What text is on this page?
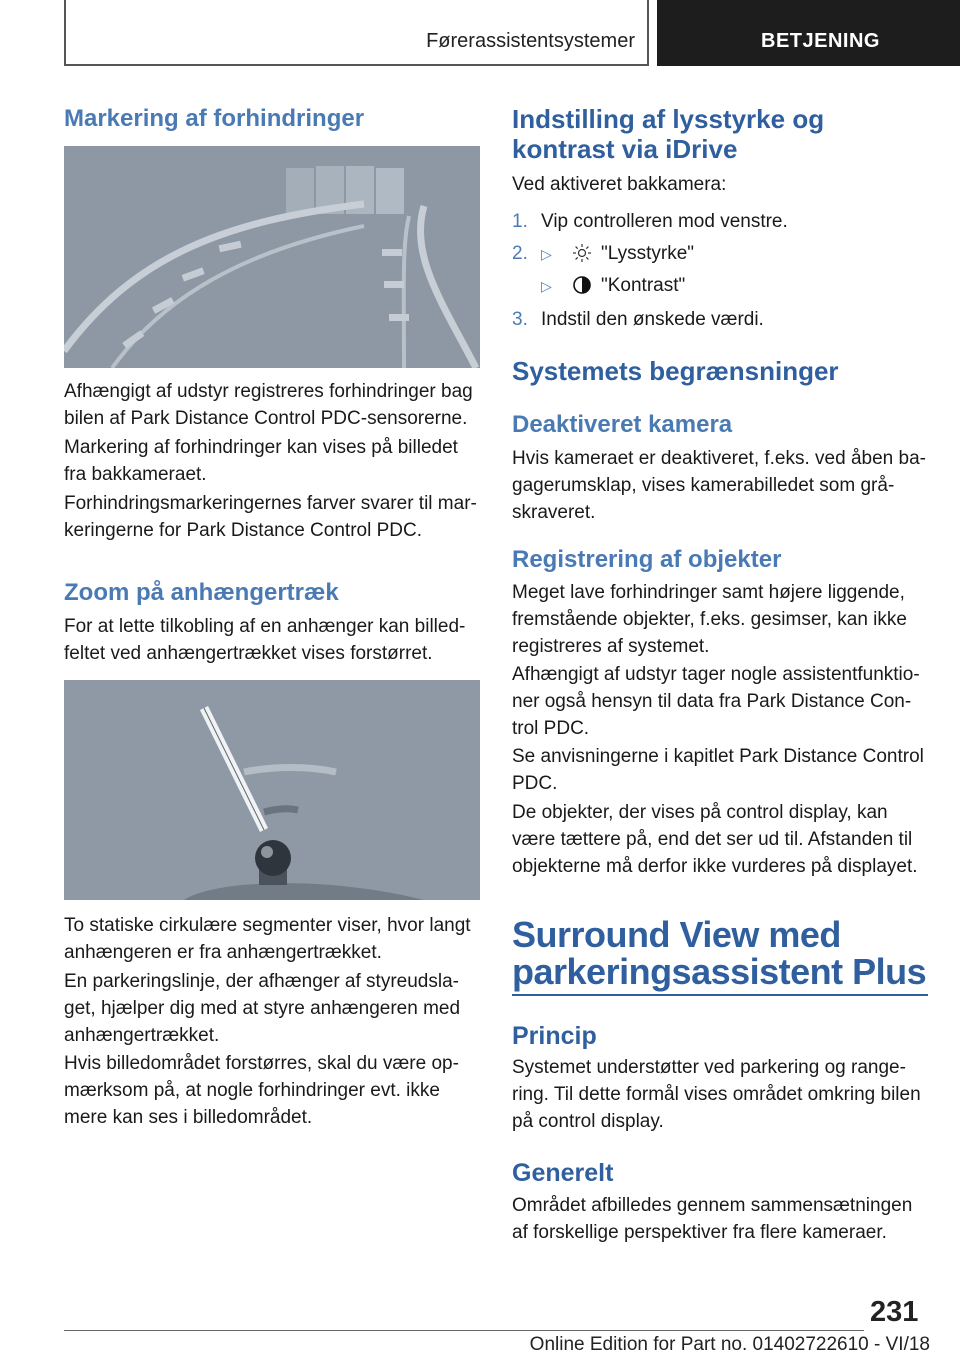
Førerassistentsystemer	BETJENING
Markering af forhindringer
Afhængigt af udstyr registreres forhindringer bag bilen af Park Distance Control PDC-sensorerne.
Markering af forhindringer kan vises på billedet fra bakkameraet.
Forhindringsmarkeringernes farver svarer til mar-keringerne for Park Distance Control PDC.
Zoom på anhængertræk
For at lette tilkobling af en anhænger kan billed-feltet ved anhængertrækket vises forstørret.
To statiske cirkulære segmenter viser, hvor langt anhængeren er fra anhængertrækket.
En parkeringslinje, der afhænger af styreudsla-get, hjælper dig med at styre anhængeren med anhængertrækket.
Hvis billedområdet forstørres, skal du være op-mærksom på, at nogle forhindringer evt. ikke mere kan ses i billedområdet.
Indstilling af lysstyrke og kontrast via iDrive
Ved aktiveret bakkamera:
1. Vip controlleren mod venstre.
2. ▷	"Lysstyrke"
▷	"Kontrast"
3. Indstil den ønskede værdi.
Systemets begrænsninger
Deaktiveret kamera
Hvis kameraet er deaktiveret, f.eks. ved åben ba-gagerumsklap, vises kamerabilledet som grå-skraveret.
Registrering af objekter
Meget lave forhindringer samt højere liggende, fremstående objekter, f.eks. gesimser, kan ikke registreres af systemet.
Afhængigt af udstyr tager nogle assistentfunktio-ner også hensyn til data fra Park Distance Con-trol PDC.
Se anvisningerne i kapitlet Park Distance Control PDC.
De objekter, der vises på control display, kan være tættere på, end det ser ud til. Afstanden til objekterne må derfor ikke vurderes på displayet.
Surround View med parkeringsassistent Plus
Princip
Systemet understøtter ved parkering og range-ring. Til dette formål vises området omkring bilen på control display.
Generelt
Området afbilledes gennem sammensætningen af forskellige perspektiver fra flere kameraer.
231
Online Edition for Part no. 01402722610 - VI/18
